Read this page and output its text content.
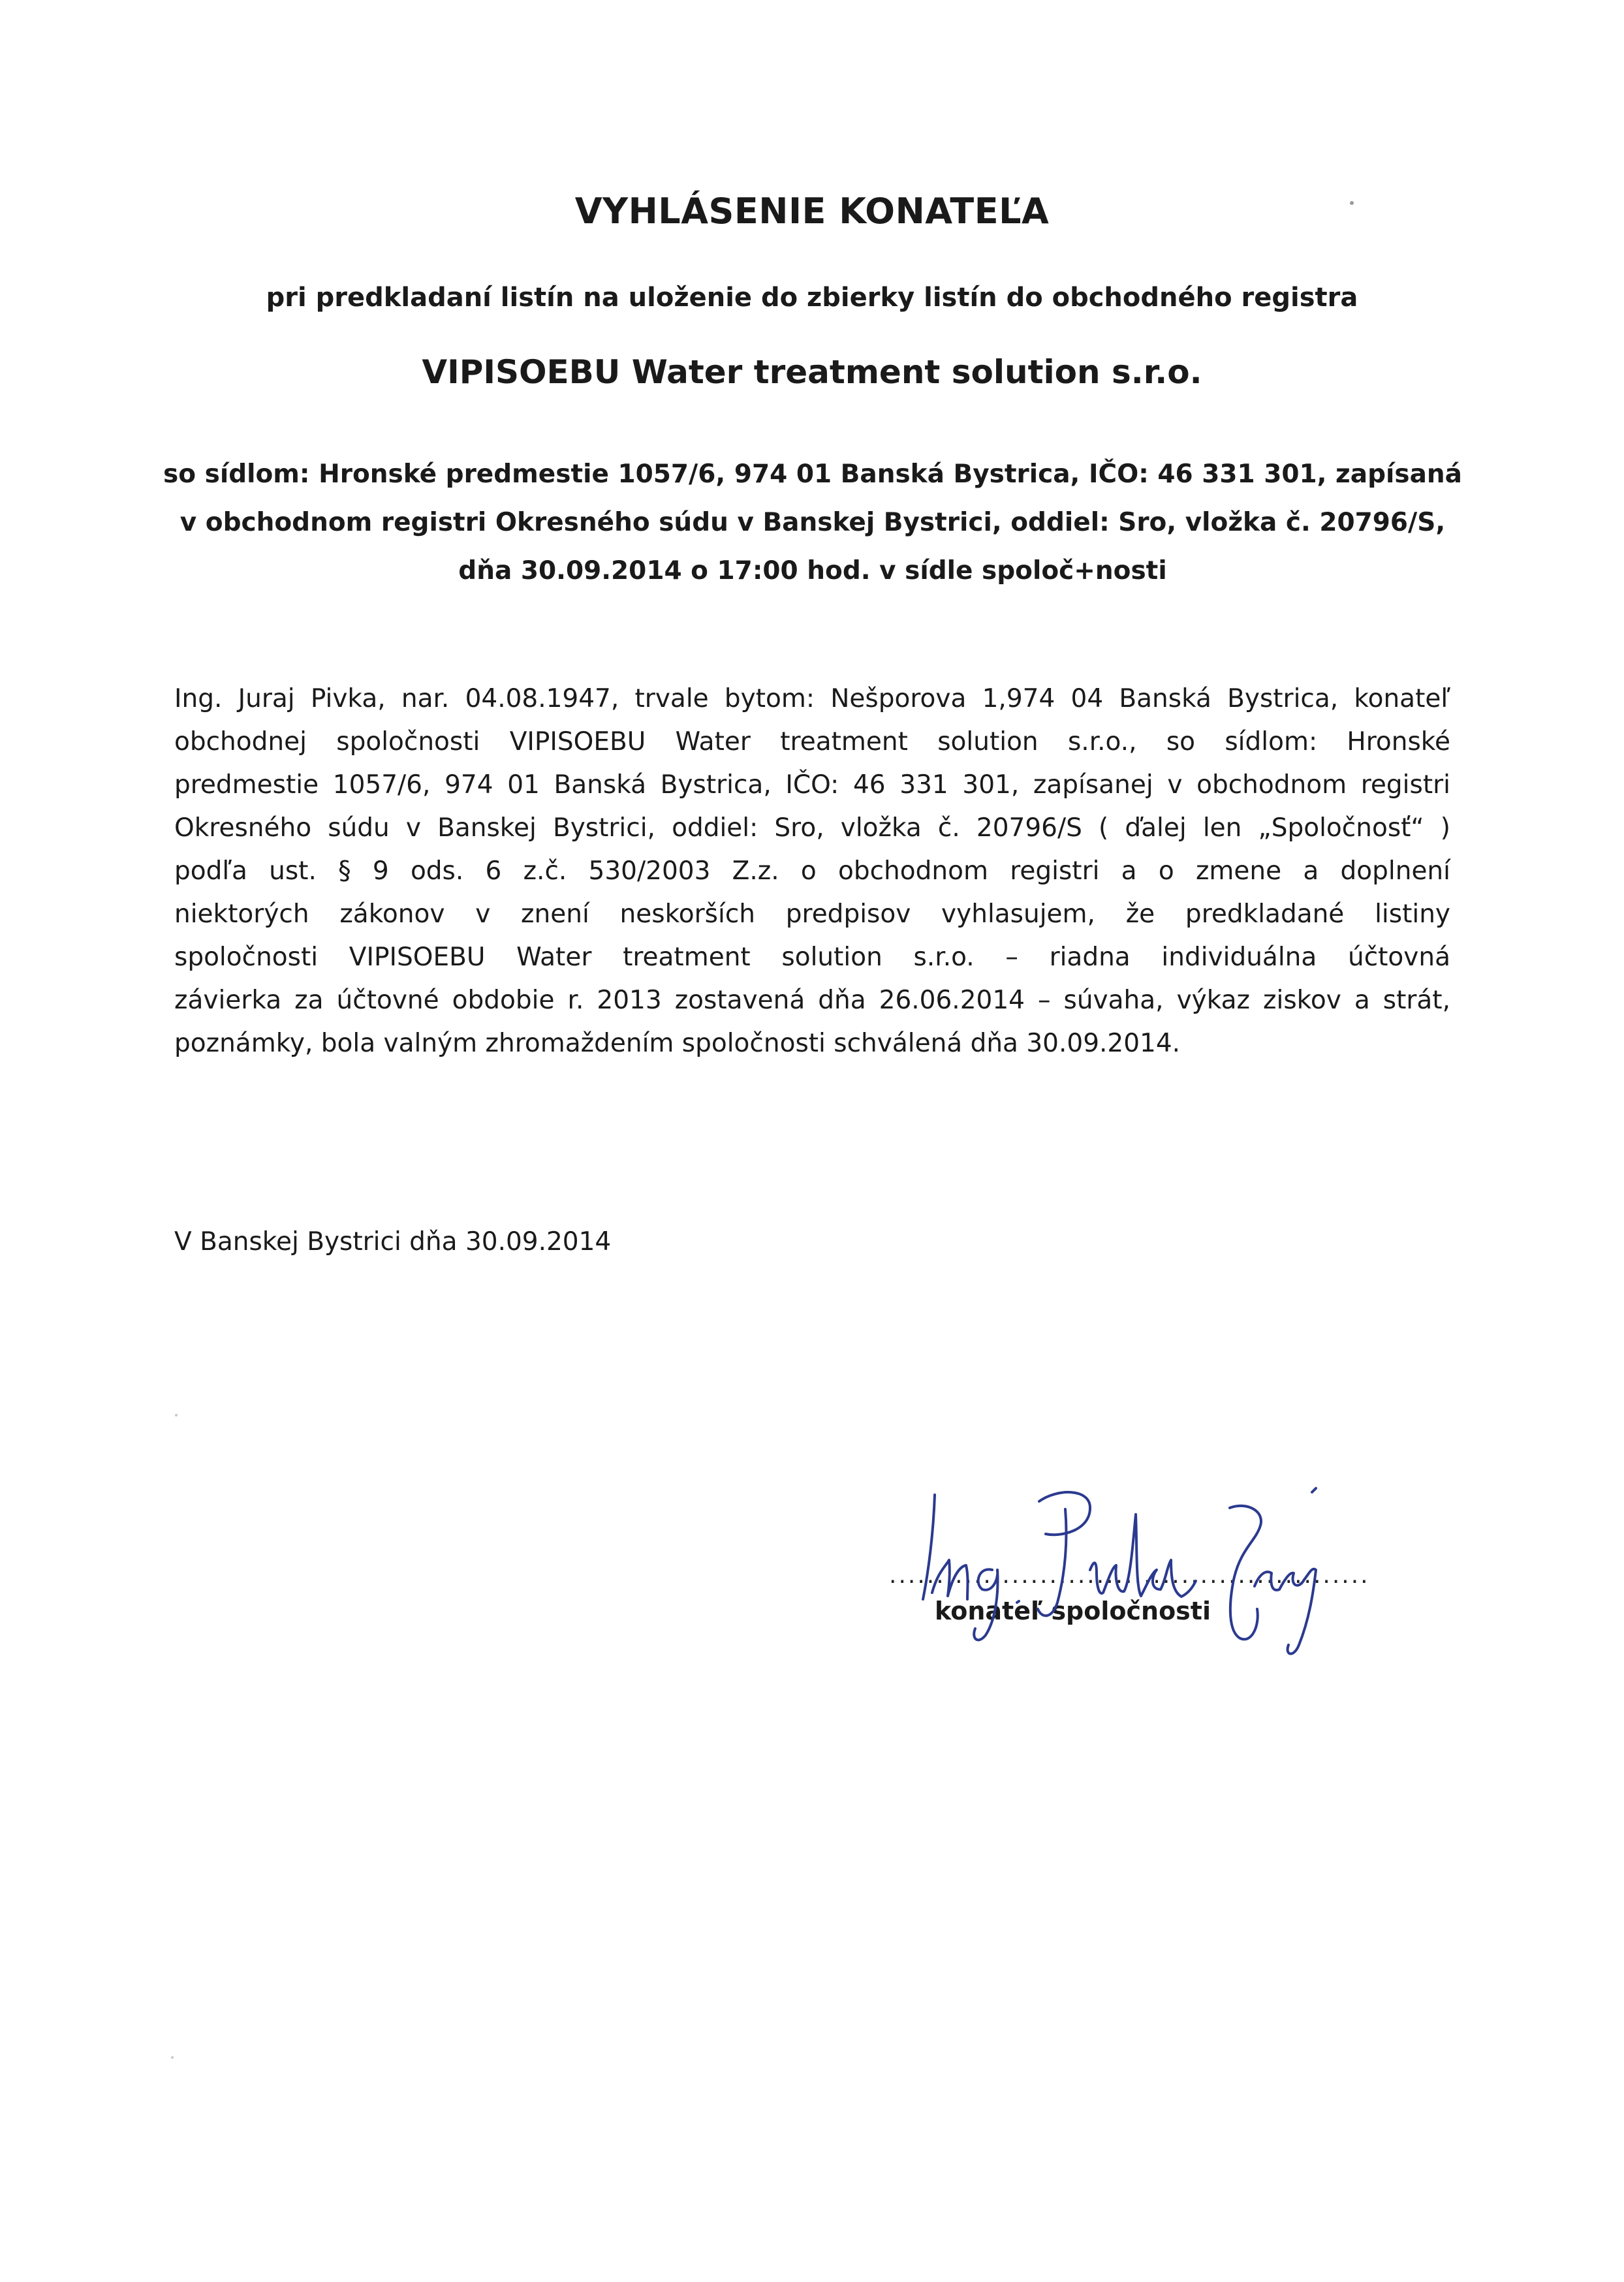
VYHLÁSENIE KONATEĽA
pri predkladaní listín na uloženie do zbierky listín do obchodného registra
VIPISOEBU Water treatment solution s.r.o.
so sídlom: Hronské predmestie 1057/6, 974 01 Banská Bystrica, IČO: 46 331 301, zapísaná
v obchodnom registri Okresného súdu v Banskej Bystrici, oddiel: Sro, vložka č. 20796/S,
dňa 30.09.2014 o 17:00 hod. v sídle spoloč+nosti
Ing. Juraj Pivka, nar. 04.08.1947, trvale bytom: Nešporova 1,974 04 Banská Bystrica, konateľ
obchodnej spoločnosti VIPISOEBU Water treatment solution s.r.o., so sídlom: Hronské
predmestie 1057/6, 974 01 Banská Bystrica, IČO: 46 331 301, zapísanej v obchodnom registri
Okresného súdu v Banskej Bystrici, oddiel: Sro, vložka č. 20796/S ( ďalej len „Spoločnosť“ )
podľa ust. § 9 ods. 6 z.č. 530/2003 Z.z. o obchodnom registri a o zmene a doplnení
niektorých zákonov v znení neskorších predpisov vyhlasujem, že predkladané listiny
spoločnosti VIPISOEBU Water treatment solution s.r.o. – riadna individuálna účtovná
závierka za účtovné obdobie r. 2013 zostavená dňa 26.06.2014 – súvaha, výkaz ziskov a strát,
poznámky, bola valným zhromaždením spoločnosti schválená dňa 30.09.2014.
V Banskej Bystrici dňa 30.09.2014
...................................................
konateľ spoločnosti
